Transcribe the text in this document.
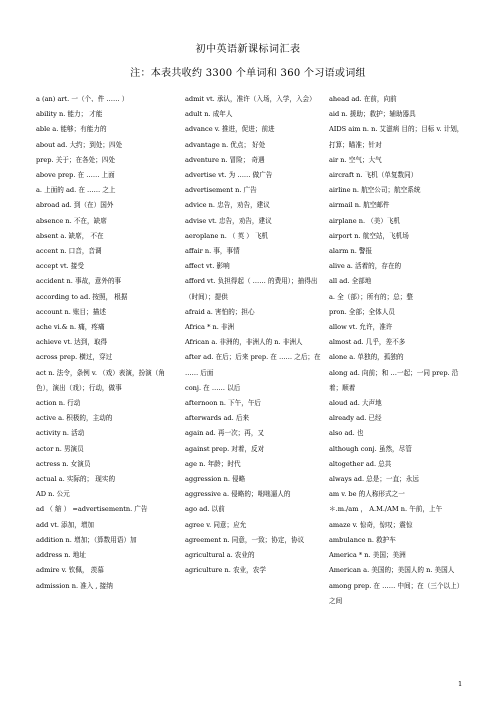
初中英语新课标词汇表
注：本表共收约 3300 个单词和 360 个习语或词组
a (an) art. 一（个、件 …… ）
ability n. 能力； 才能
able a. 能够；有能力的
about ad. 大约；到处；四处
prep. 关于；在各处；四处
above prep. 在 …… 上面
a. 上面的 ad. 在 …… 之上
abroad ad. 到（在）国外
absence n. 不在，缺席
absent a. 缺席， 不在
accent n. 口音，音调
accept vt. 接受
accident n. 事故，意外的事
according to ad. 按照， 根据
account n. 账目；描述
ache vi.& n. 痛，疼痛
achieve vt. 达到，取得
across prep. 横过，穿过
act n. 法令，条例 v. （戏）表演，扮演（角色），演出（戏）；行动，做事
action n. 行动
active a. 积极的，主动的
activity n. 活动
actor n. 男演员
actress n. 女演员
actual a. 实际的； 现实的
AD n. 公元
ad （ 缩 ） =advertisementn. 广告
add vt. 添加，增加
addition n. 增加；（算数用语）加
address n. 地址
admire v. 钦佩， 羡慕
admission n. 准入 , 接纳
admit vt. 承认，准许（入场，入学，入会）
adult n. 成年人
advance v. 推进，促进；前进
advantage n. 优点； 好处
adventure n. 冒险； 奇遇
advertise vt. 为 …… 做广告
advertisement n. 广告
advice n. 忠告，劝告，建议
advise vt. 忠告，劝告，建议
aeroplane n. （ 英 ） 飞机
affair n. 事，事情
affect vt. 影响
afford vt. 负担得起（ …… 的费用）；抽得出（时间）；提供
afraid a. 害怕的；担心
Africa * n. 非洲
African a. 非洲的，非洲人的 n. 非洲人
after ad. 在后；后来 prep. 在 …… 之后；在 …… 后面
conj. 在 …… 以后
afternoon n. 下午，午后
afterwards ad. 后来
again ad. 再一次；再，又
against prep. 对着，反对
age n. 年龄；时代
aggression n. 侵略
aggressive a. 侵略的；咄咄逼人的
ago ad. 以前
agree v. 同意；应允
agreement n. 同意，一致；协定，协议
agricultural a. 农业的
agriculture n. 农业，农学
ahead ad. 在前，向前
aid n. 援助；救护；辅助器具
AIDS aim n. n. 艾滋病 目的；目标 v. 计划，打算；瞄准；针对
air n. 空气；大气
aircraft n. 飞机（单复数同）
airline n. 航空公司；航空系统
airmail n. 航空邮件
airplane n. （美）飞机
airport n. 航空站，飞机场
alarm n. 警报
alive a. 活着的，存在的
all ad. 全部地
a. 全（部）；所有的；总；整
pron. 全部；全体人员
allow vt. 允许，准许
almost ad. 几乎，差不多
alone a. 单独的，孤独的
along ad. 向前；和 …一起；一同 prep. 沿着；顺着
aloud ad. 大声地
already ad. 已经
also ad. 也
although conj. 虽然，尽管
altogether ad. 总共
always ad. 总是；一直；永远
am v. be 的人称形式之一
＊.m./am ， A.M./AM n. 午前，上午
amaze v. 惊奇，惊叹；震惊
ambulance n. 救护车
America * n. 美国；美洲
American a. 美国的；美国人的 n. 美国人
among prep. 在 …… 中间；在（三个以上）之间
1
